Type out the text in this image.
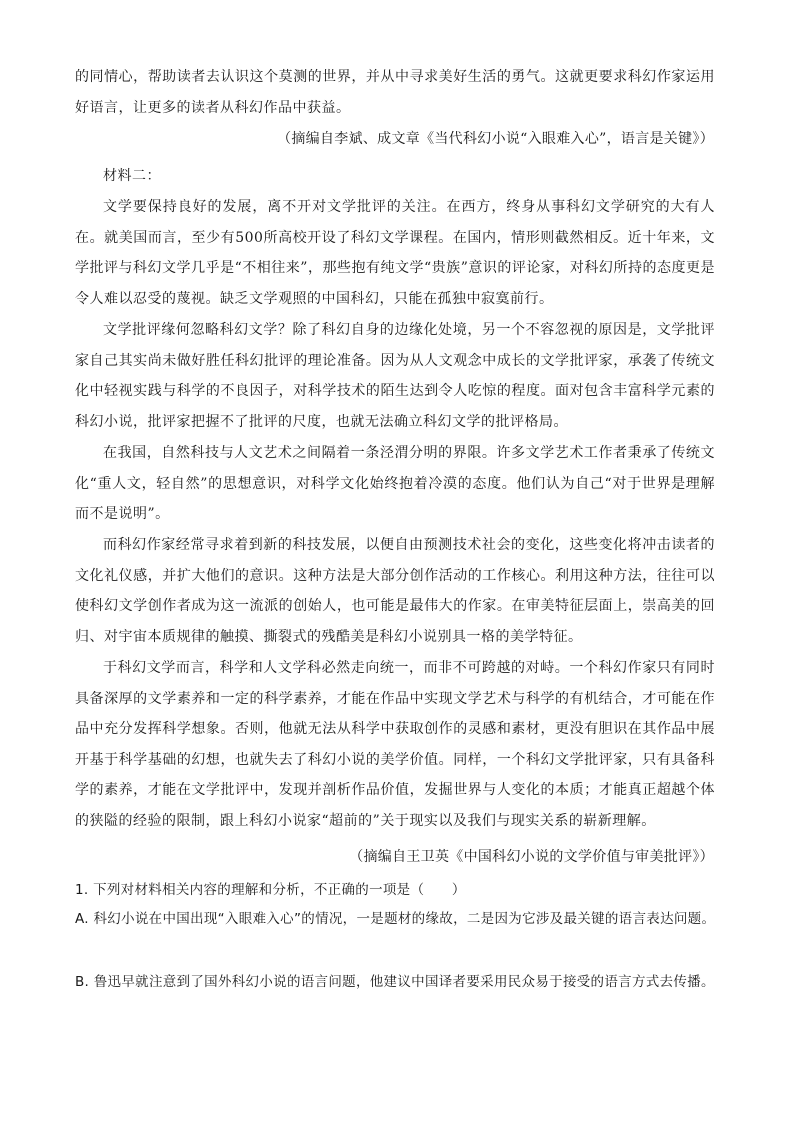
的同情心，帮助读者去认识这个莫测的世界，并从中寻求美好生活的勇气。这就更要求科幻作家运用好语言，让更多的读者从科幻作品中获益。
（摘编自李斌、成文章《当代科幻小说“入眼难入心”，语言是关键》）
材料二：
文学要保持良好的发展，离不开对文学批评的关注。在西方，终身从事科幻文学研究的大有人在。就美国而言，至少有500所高校开设了科幻文学课程。在国内，情形则截然相反。近十年来，文学批评与科幻文学几乎是“不相往来”，那些抱有纯文学“贵族”意识的评论家，对科幻所持的态度更是令人难以忍受的蔑视。缺乏文学观照的中国科幻，只能在孤独中寂寞前行。
文学批评缘何忽略科幻文学？除了科幻自身的边缘化处境，另一个不容忽视的原因是，文学批评家自己其实尚未做好胜任科幻批评的理论准备。因为从人文观念中成长的文学批评家，承袭了传统文化中轻视实践与科学的不良因子，对科学技术的陌生达到令人吃惊的程度。面对包含丰富科学元素的科幻小说，批评家把握不了批评的尺度，也就无法确立科幻文学的批评格局。
在我国，自然科技与人文艺术之间隔着一条泾渭分明的界限。许多文学艺术工作者秉承了传统文化“重人文，轻自然”的思想意识，对科学文化始终抱着冷漠的态度。他们认为自己“对于世界是理解而不是说明”。
而科幻作家经常寻求着到新的科技发展，以便自由预测技术社会的变化，这些变化将冲击读者的文化礼仪感，并扩大他们的意识。这种方法是大部分创作活动的工作核心。利用这种方法，往往可以使科幻文学创作者成为这一流派的创始人，也可能是最伟大的作家。在审美特征层面上，崇高美的回归、对宇宙本质规律的触摸、撕裂式的残酷美是科幻小说别具一格的美学特征。
于科幻文学而言，科学和人文学科必然走向统一，而非不可跨越的对峙。一个科幻作家只有同时具备深厚的文学素养和一定的科学素养，才能在作品中实现文学艺术与科学的有机结合，才可能在作品中充分发挥科学想象。否则，他就无法从科学中获取创作的灵感和素材，更没有胆识在其作品中展开基于科学基础的幻想，也就失去了科幻小说的美学价值。同样，一个科幻文学批评家，只有具备科学的素养，才能在文学批评中，发现并剖析作品价值，发掘世界与人变化的本质；才能真正超越个体的狭隘的经验的限制，跟上科幻小说家“超前的”关于现实以及我们与现实关系的崭新理解。
（摘编自王卫英《中国科幻小说的文学价值与审美批评》）
1. 下列对材料相关内容的理解和分析，不正确的一项是（　　）
A. 科幻小说在中国出现“入眼难入心”的情况，一是题材的缘故，二是因为它涉及最关键的语言表达问题。
B. 鲁迅早就注意到了国外科幻小说的语言问题，他建议中国译者要采用民众易于接受的语言方式去传播。
